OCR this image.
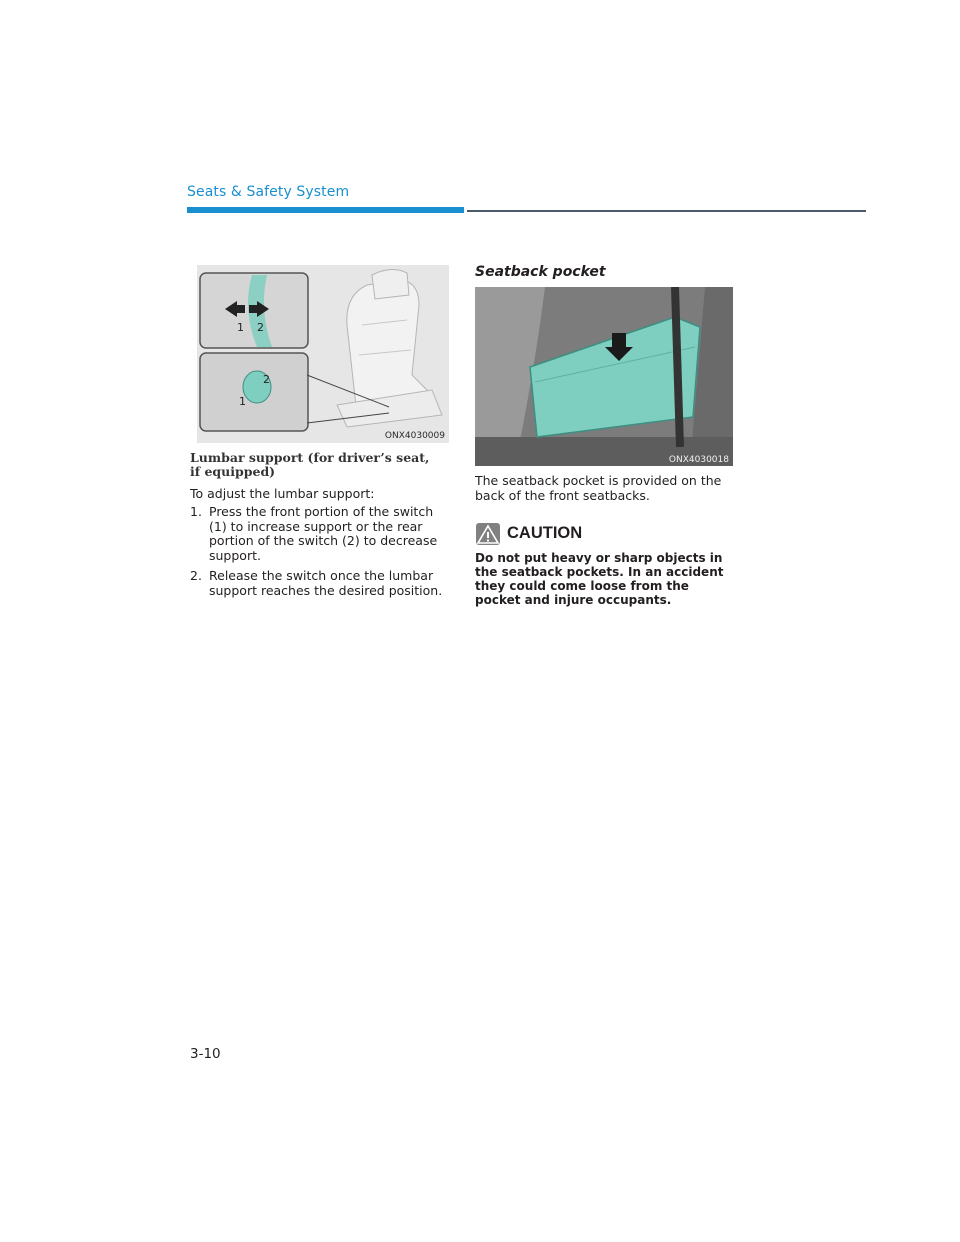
Seats & Safety System
1 2
2
1
ONX4030009
Lumbar support (for driver’s seat, if equipped)
To adjust the lumbar support:
1. Press the front portion of the switch (1) to increase support or the rear portion of the switch (2) to decrease support.
2. Release the switch once the lumbar support reaches the desired position.
Seatback pocket
ONX4030018
The seatback pocket is provided on the back of the front seatbacks.
CAUTION
Do not put heavy or sharp objects in the seatback pockets. In an accident they could come loose from the pocket and injure occupants.
3-10
